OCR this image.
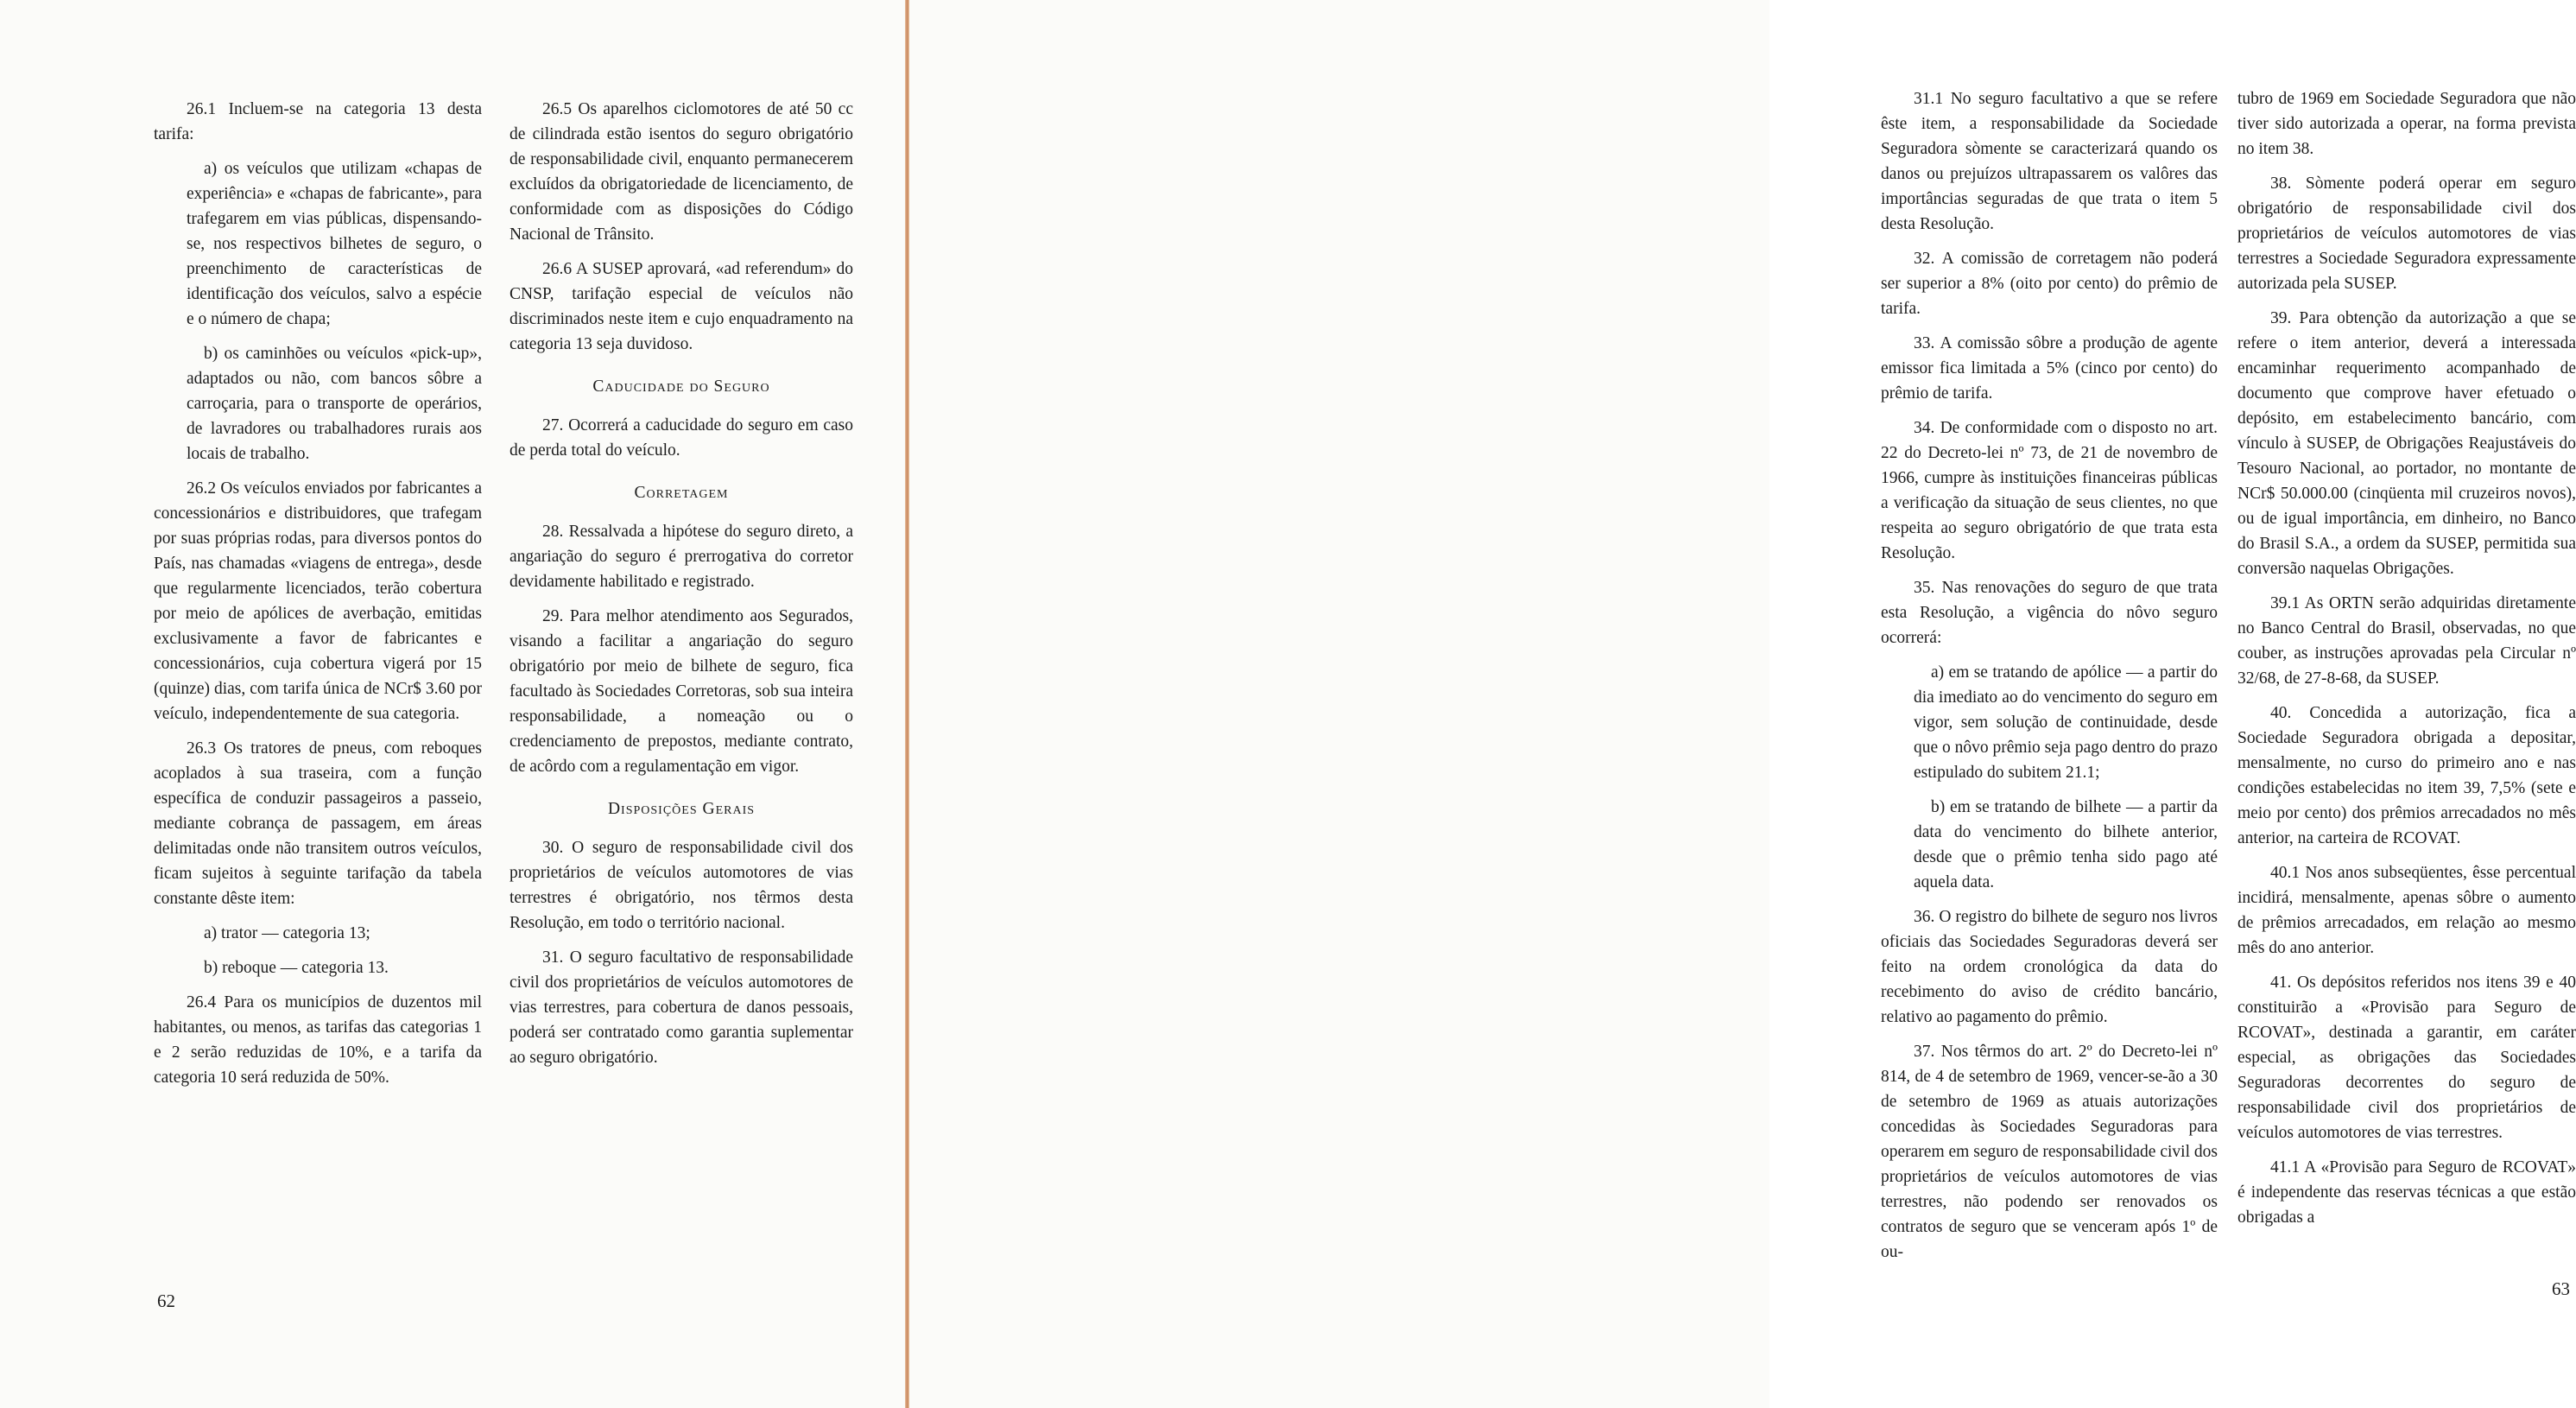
26.1 Incluem-se na categoria 13 desta tarifa:

a) os veículos que utilizam «chapas de experiência» e «chapas de fabricante», para trafegarem em vias públicas, dispensando-se, nos respectivos bilhetes de seguro, o preenchimento de características de identificação dos veículos, salvo a espécie e o número de chapa;

b) os caminhões ou veículos «pick-up», adaptados ou não, com bancos sôbre a carroçaria, para o transporte de operários, de lavradores ou trabalhadores rurais aos locais de trabalho.

26.2 Os veículos enviados por fabricantes a concessionários e distribuidores, que trafegam por suas próprias rodas, para diversos pontos do País, nas chamadas «viagens de entrega», desde que regularmente licenciados, terão cobertura por meio de apólices de averbação, emitidas exclusivamente a favor de fabricantes e concessionários, cuja cobertura vigerá por 15 (quinze) dias, com tarifa única de NCr$ 3.60 por veículo, independentemente de sua categoria.

26.3 Os tratores de pneus, com reboques acoplados à sua traseira, com a função específica de conduzir passageiros a passeio, mediante cobrança de passagem, em áreas delimitadas onde não transitem outros veículos, ficam sujeitos à seguinte tarifação da tabela constante dêste item:

a) trator — categoria 13;

b) reboque — categoria 13.

26.4 Para os municípios de duzentos mil habitantes, ou menos, as tarifas das categorias 1 e 2 serão reduzidas de 10%, e a tarifa da categoria 10 será reduzida de 50%.

26.5 Os aparelhos ciclomotores de até 50 cc de cilindrada estão isentos do seguro obrigatório de responsabilidade civil, enquanto permanecerem excluídos da obrigatoriedade de licenciamento, de conformidade com as disposições do Código Nacional de Trânsito.

26.6 A SUSEP aprovará, «ad referendum» do CNSP, tarifação especial de veículos não discriminados neste item e cujo enquadramento na categoria 13 seja duvidoso.

Caducidade do Seguro

27. Ocorrerá a caducidade do seguro em caso de perda total do veículo.

Corretagem

28. Ressalvada a hipótese do seguro direto, a angariação do seguro é prerrogativa do corretor devidamente habilitado e registrado.

29. Para melhor atendimento aos Segurados, visando a facilitar a angariação do seguro obrigatório por meio de bilhete de seguro, fica facultado às Sociedades Corretoras, sob sua inteira responsabilidade, a nomeação ou o credenciamento de prepostos, mediante contrato, de acôrdo com a regulamentação em vigor.

Disposições Gerais

30. O seguro de responsabilidade civil dos proprietários de veículos automotores de vias terrestres é obrigatório, nos têrmos desta Resolução, em todo o território nacional.

31. O seguro facultativo de responsabilidade civil dos proprietários de veículos automotores de vias terrestres, para cobertura de danos pessoais, poderá ser contratado como garantia suplementar ao seguro obrigatório.

62

31.1 No seguro facultativo a que se refere êste item, a responsabilidade da Sociedade Seguradora sòmente se caracterizará quando os danos ou prejuízos ultrapassarem os valôres das importâncias seguradas de que trata o item 5 desta Resolução.

32. A comissão de corretagem não poderá ser superior a 8% (oito por cento) do prêmio de tarifa.

33. A comissão sôbre a produção de agente emissor fica limitada a 5% (cinco por cento) do prêmio de tarifa.

34. De conformidade com o disposto no art. 22 do Decreto-lei nº 73, de 21 de novembro de 1966, cumpre às instituições financeiras públicas a verificação da situação de seus clientes, no que respeita ao seguro obrigatório de que trata esta Resolução.

35. Nas renovações do seguro de que trata esta Resolução, a vigência do nôvo seguro ocorrerá:

a) em se tratando de apólice — a partir do dia imediato ao do vencimento do seguro em vigor, sem solução de continuidade, desde que o nôvo prêmio seja pago dentro do prazo estipulado do subitem 21.1;

b) em se tratando de bilhete — a partir da data do vencimento do bilhete anterior, desde que o prêmio tenha sido pago até aquela data.

36. O registro do bilhete de seguro nos livros oficiais das Sociedades Seguradoras deverá ser feito na ordem cronológica da data do recebimento do aviso de crédito bancário, relativo ao pagamento do prêmio.

37. Nos têrmos do art. 2º do Decreto-lei nº 814, de 4 de setembro de 1969, vencer-se-ão a 30 de setembro de 1969 as atuais autorizações concedidas às Sociedades Seguradoras para operarem em seguro de responsabilidade civil dos proprietários de veículos automotores de vias terrestres, não podendo ser renovados os contratos de seguro que se venceram após 1º de ou-

tubro de 1969 em Sociedade Seguradora que não tiver sido autorizada a operar, na forma prevista no item 38.

38. Sòmente poderá operar em seguro obrigatório de responsabilidade civil dos proprietários de veículos automotores de vias terrestres a Sociedade Seguradora expressamente autorizada pela SUSEP.

39. Para obtenção da autorização a que se refere o item anterior, deverá a interessada encaminhar requerimento acompanhado de documento que comprove haver efetuado o depósito, em estabelecimento bancário, com vínculo à SUSEP, de Obrigações Reajustáveis do Tesouro Nacional, ao portador, no montante de NCr$ 50.000.00 (cinqüenta mil cruzeiros novos), ou de igual importância, em dinheiro, no Banco do Brasil S.A., a ordem da SUSEP, permitida sua conversão naquelas Obrigações.

39.1 As ORTN serão adquiridas diretamente no Banco Central do Brasil, observadas, no que couber, as instruções aprovadas pela Circular nº 32/68, de 27-8-68, da SUSEP.

40. Concedida a autorização, fica a Sociedade Seguradora obrigada a depositar, mensalmente, no curso do primeiro ano e nas condições estabelecidas no item 39, 7,5% (sete e meio por cento) dos prêmios arrecadados no mês anterior, na carteira de RCOVAT.

40.1 Nos anos subseqüentes, êsse percentual incidirá, mensalmente, apenas sôbre o aumento de prêmios arrecadados, em relação ao mesmo mês do ano anterior.

41. Os depósitos referidos nos itens 39 e 40 constituirão a «Provisão para Seguro de RCOVAT», destinada a garantir, em caráter especial, as obrigações das Sociedades Seguradoras decorrentes do seguro de responsabilidade civil dos proprietários de veículos automotores de vias terrestres.

41.1 A «Provisão para Seguro de RCOVAT» é independente das reservas técnicas a que estão obrigadas a

63
